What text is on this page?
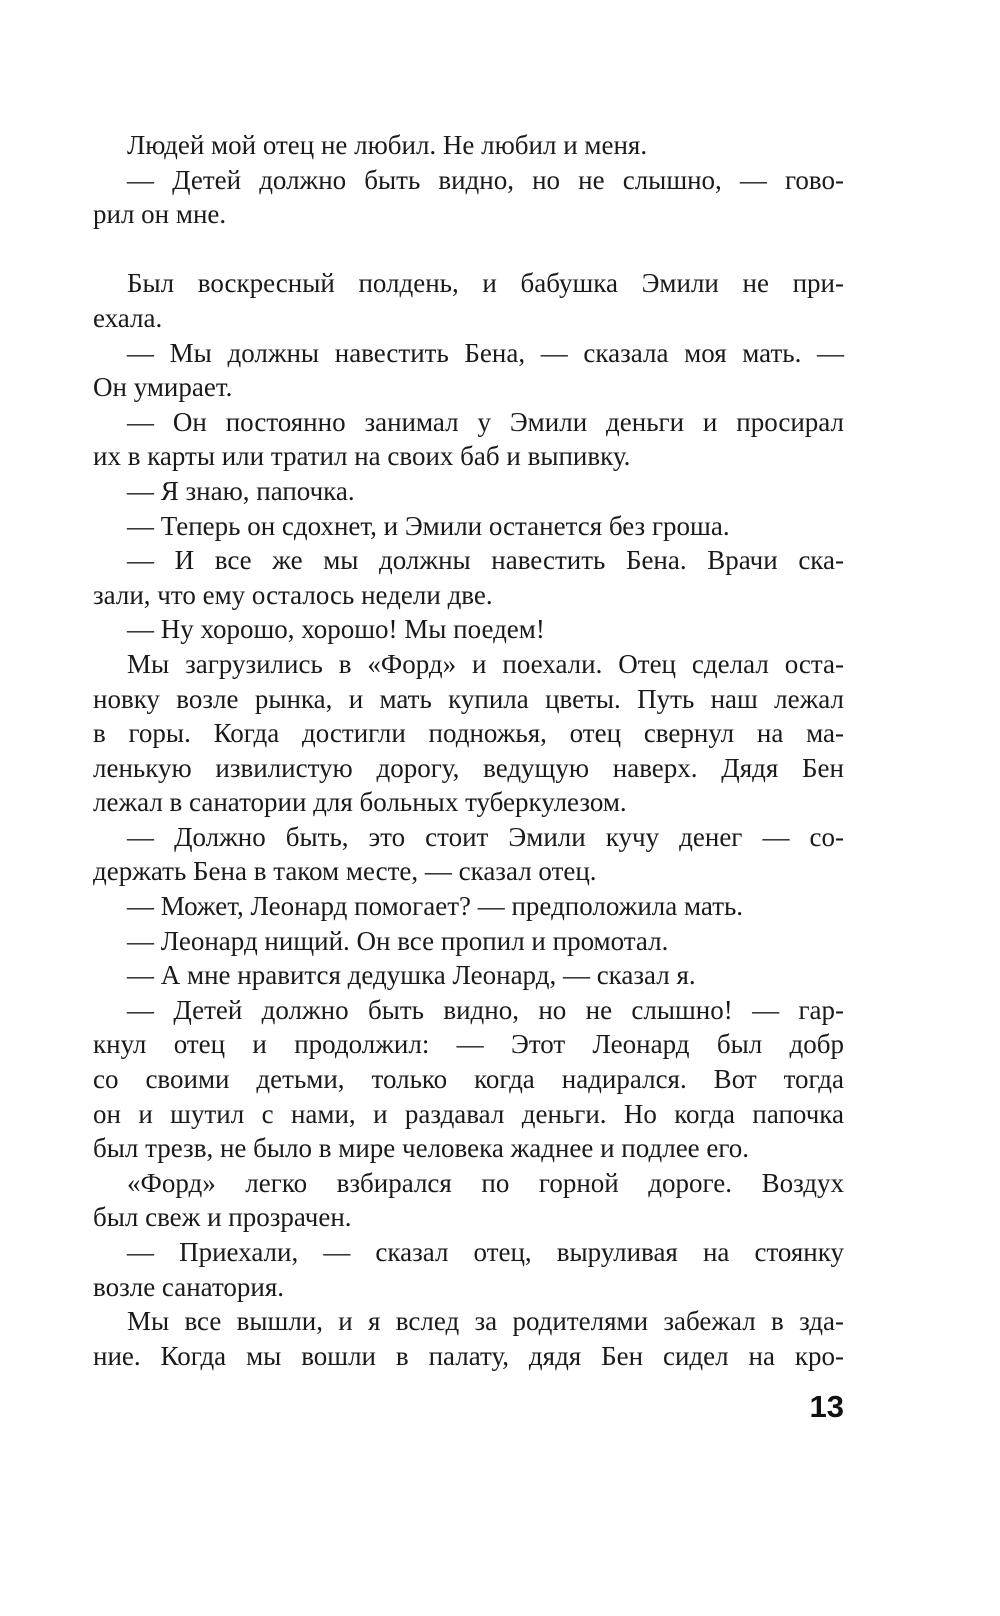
Людей мой отец не любил. Не любил и меня.
— Детей должно быть видно, но не слышно, — гово-
рил он мне.
Был воскресный полдень, и бабушка Эмили не при-
ехала.
— Мы должны навестить Бена, — сказала моя мать. —
Он умирает.
— Он постоянно занимал у Эмили деньги и просирал
их в карты или тратил на своих баб и выпивку.
— Я знаю, папочка.
— Теперь он сдохнет, и Эмили останется без гроша.
— И все же мы должны навестить Бена. Врачи ска-
зали, что ему осталось недели две.
— Ну хорошо, хорошо! Мы поедем!
Мы загрузились в «Форд» и поехали. Отец сделал оста-
новку возле рынка, и мать купила цветы. Путь наш лежал
в горы. Когда достигли подножья, отец свернул на ма-
ленькую извилистую дорогу, ведущую наверх. Дядя Бен
лежал в санатории для больных туберкулезом.
— Должно быть, это стоит Эмили кучу денег — со-
держать Бена в таком месте, — сказал отец.
— Может, Леонард помогает? — предположила мать.
— Леонард нищий. Он все пропил и промотал.
— А мне нравится дедушка Леонард, — сказал я.
— Детей должно быть видно, но не слышно! — гар-
кнул отец и продолжил: — Этот Леонард был добр
со своими детьми, только когда надирался. Вот тогда
он и шутил с нами, и раздавал деньги. Но когда папочка
был трезв, не было в мире человека жаднее и подлее его.
«Форд» легко взбирался по горной дороге. Воздух
был свеж и прозрачен.
— Приехали, — сказал отец, выруливая на стоянку
возле санатория.
Мы все вышли, и я вслед за родителями забежал в зда-
ние. Когда мы вошли в палату, дядя Бен сидел на кро-
13
